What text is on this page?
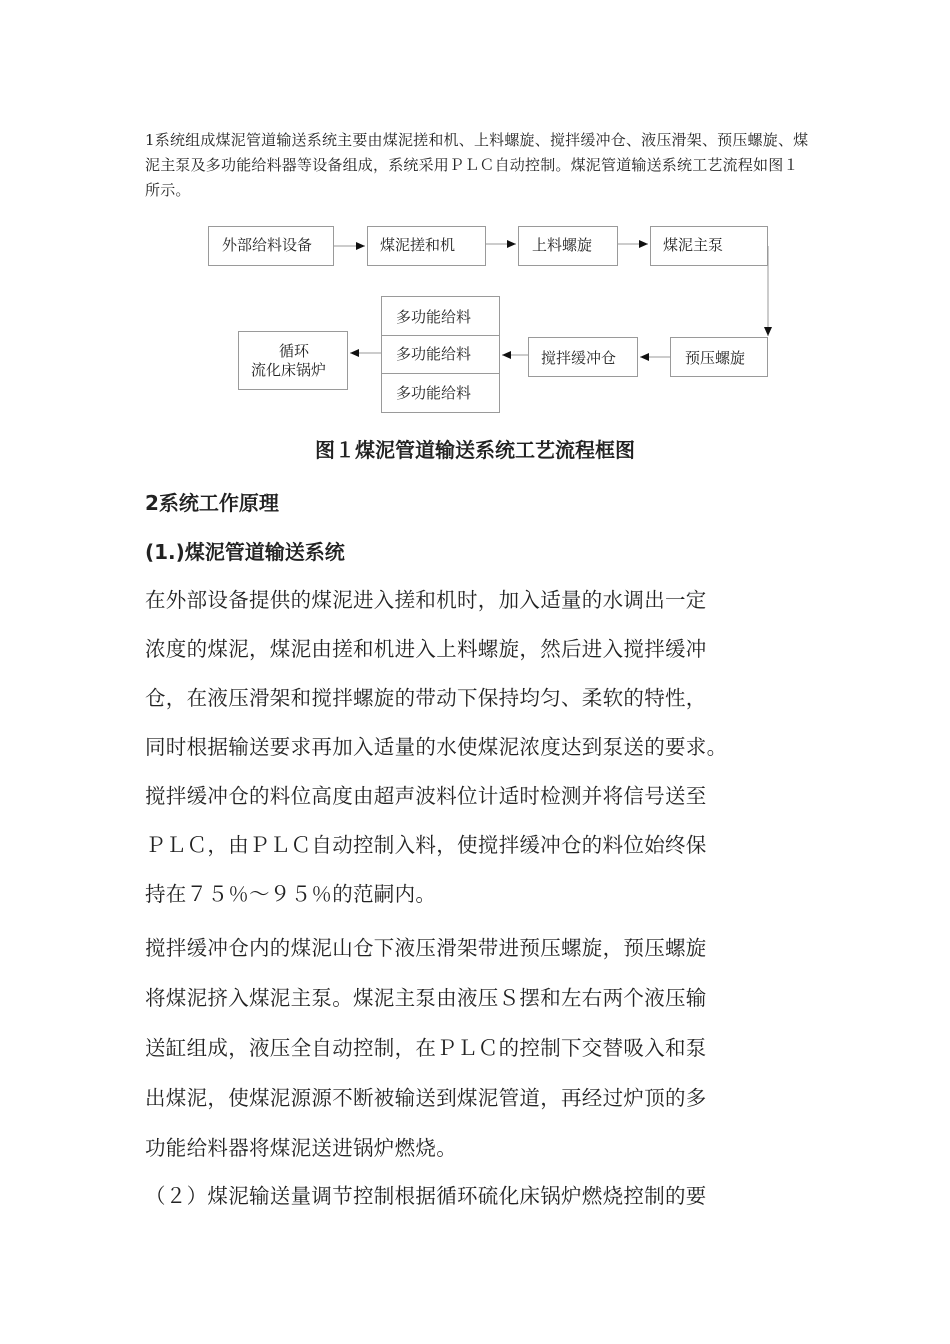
1系统组成煤泥管道输送系统主要由煤泥搓和机、上料螺旋、搅拌缓冲仓、液压滑架、预压螺旋、煤泥主泵及多功能给料器等设备组成，系统采用ＰＬＣ自动控制。煤泥管道输送系统工艺流程如图１所示。

外部给料设备	煤泥搓和机	上料螺旋	煤泥主泵
预压螺旋
搅拌缓冲仓
多功能给料
多功能给料
多功能给料
循环
流化床锅炉

图１煤泥管道输送系统工艺流程框图

2系统工作原理

(1.)煤泥管道输送系统

在外部设备提供的煤泥进入搓和机时，加入适量的水调出一定

浓度的煤泥，煤泥由搓和机进入上料螺旋，然后进入搅拌缓冲

仓，在液压滑架和搅拌螺旋的带动下保持均匀、柔软的特性，

同时根据输送要求再加入适量的水使煤泥浓度达到泵送的要求。

搅拌缓冲仓的料位高度由超声波料位计适时检测并将信号送至

ＰＬＣ，由ＰＬＣ自动控制入料，使搅拌缓冲仓的料位始终保

持在７５％～９５％的范嗣内。

搅拌缓冲仓内的煤泥山仓下液压滑架带进预压螺旋，预压螺旋

将煤泥挤入煤泥主泵。煤泥主泵由液压Ｓ摆和左右两个液压输

送缸组成，液压全自动控制，在ＰＬＣ的控制下交替吸入和泵

出煤泥，使煤泥源源不断被输送到煤泥管道，再经过炉顶的多

功能给料器将煤泥送进锅炉燃烧。

（２）煤泥输送量调节控制根据循环硫化床锅炉燃烧控制的要
